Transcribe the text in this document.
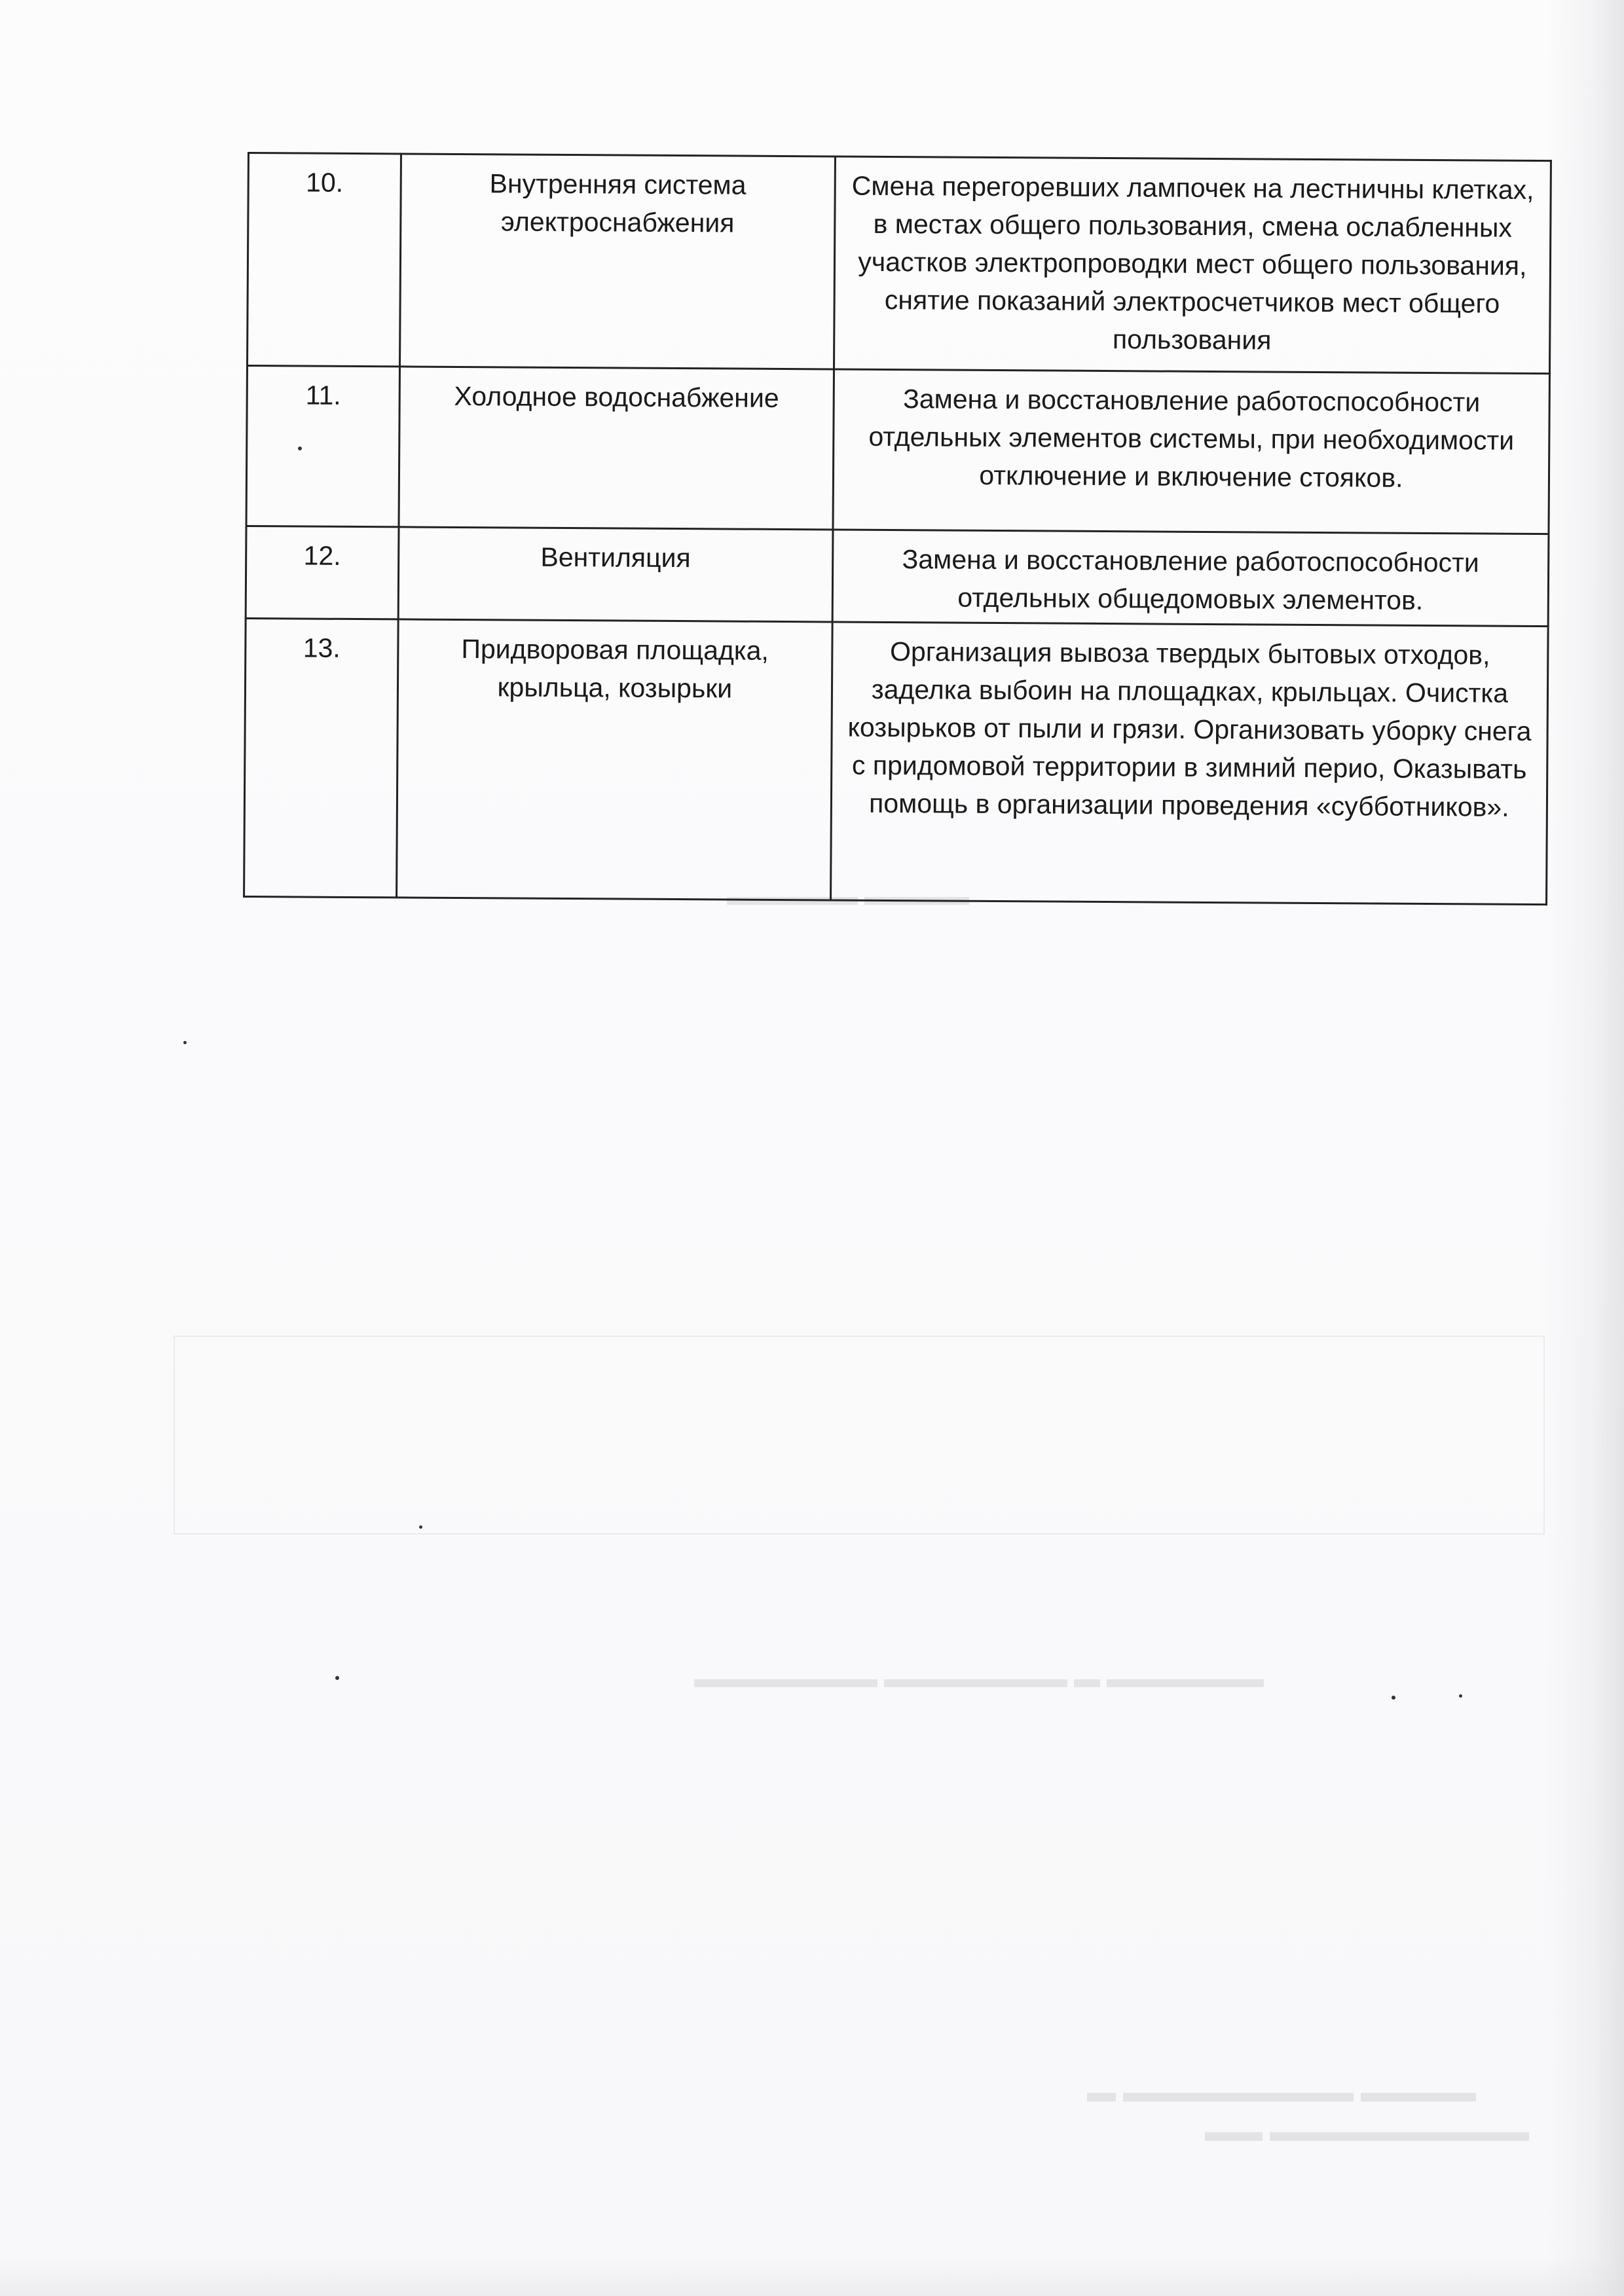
▬▬▬▬ ▬▬▬▬▬
▬▬▬▬▬▬ ▬ ▬▬▬▬▬▬▬ ▬▬▬▬▬▬▬
▬▬▬▬ ▬▬▬▬▬▬▬▬ ▬
▬▬▬▬▬▬▬▬▬ ▬▬
10.	Внутренняя система электроснабжения	Смена перегоревших лампочек на лестничны клетках, в местах общего пользования, смена ослабленных участков электропроводки мест общего пользования, снятие показаний электросчетчиков мест общего пользования
11.	Холодное водоснабжение	Замена и восстановление работоспособности отдельных элементов системы, при необходимости отключение и включение стояков.
12.	Вентиляция	Замена и восстановление работоспособности отдельных общедомовых элементов.
13.	Придворовая площадка, крыльца, козырьки	Организация вывоза твердых бытовых отходов, заделка выбоин на площадках, крыльцах. Очистка козырьков от пыли и грязи. Организовать уборку снега с придомовой территории в зимний перио, Оказывать помощь в организации проведения «субботников».
